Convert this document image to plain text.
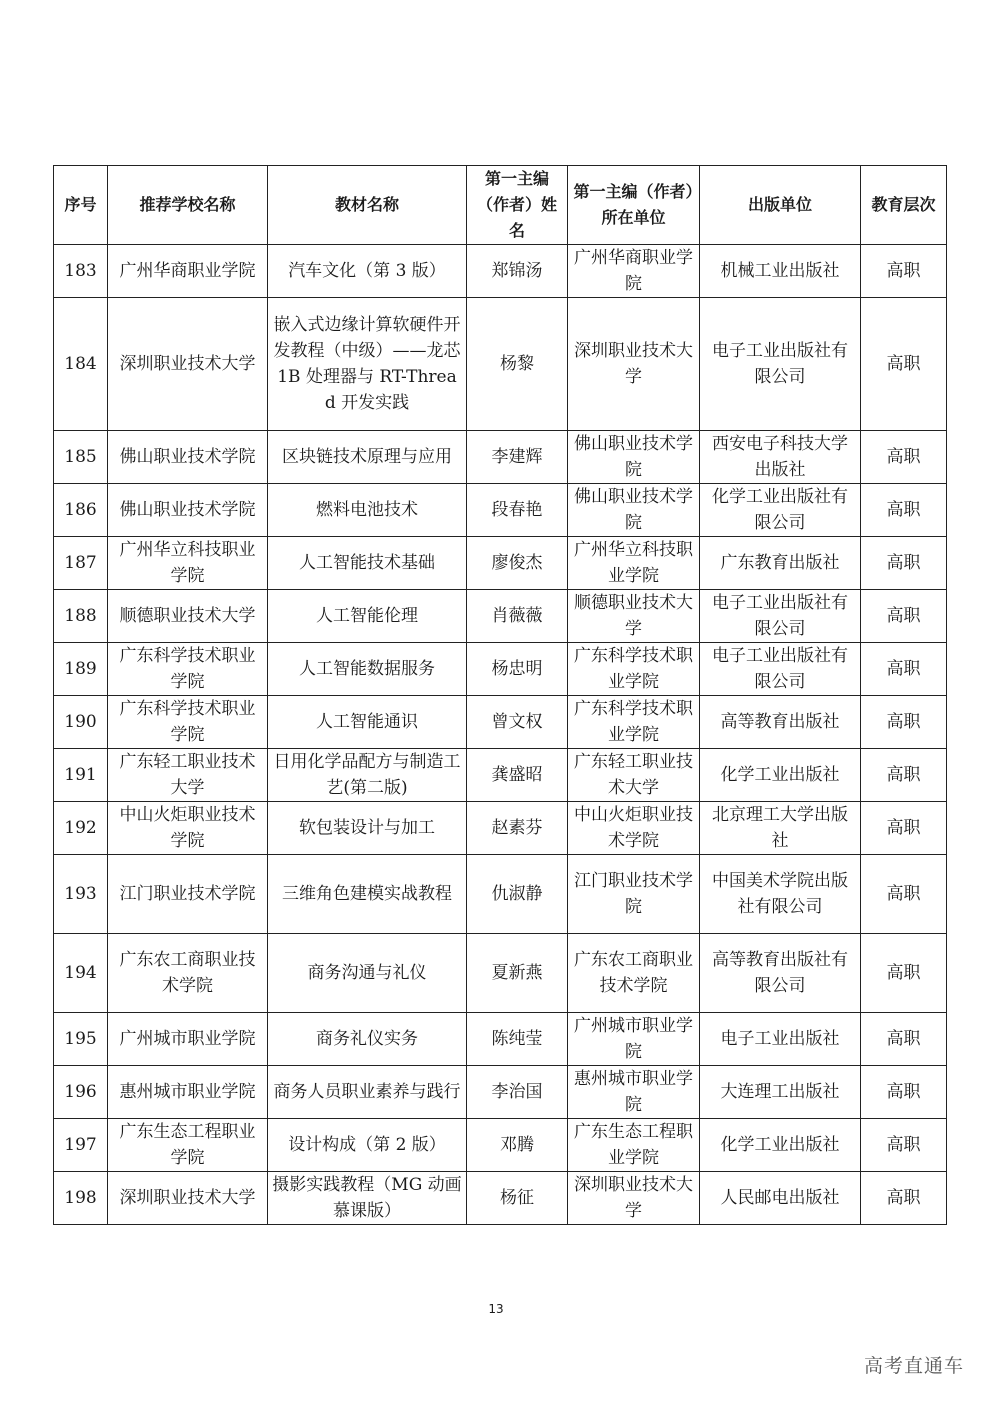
序号	推荐学校名称	教材名称	第一主编（作者）姓名	第一主编（作者）所在单位	出版单位	教育层次
183	广州华商职业学院	汽车文化（第 3 版）	郑锦汤	广州华商职业学院	机械工业出版社	高职
184	深圳职业技术大学	嵌入式边缘计算软硬件开发教程（中级）——龙芯 1B 处理器与 RT-Thread 开发实践	杨黎	深圳职业技术大学	电子工业出版社有限公司	高职
185	佛山职业技术学院	区块链技术原理与应用	李建辉	佛山职业技术学院	西安电子科技大学出版社	高职
186	佛山职业技术学院	燃料电池技术	段春艳	佛山职业技术学院	化学工业出版社有限公司	高职
187	广州华立科技职业学院	人工智能技术基础	廖俊杰	广州华立科技职业学院	广东教育出版社	高职
188	顺德职业技术大学	人工智能伦理	肖薇薇	顺德职业技术大学	电子工业出版社有限公司	高职
189	广东科学技术职业学院	人工智能数据服务	杨忠明	广东科学技术职业学院	电子工业出版社有限公司	高职
190	广东科学技术职业学院	人工智能通识	曾文权	广东科学技术职业学院	高等教育出版社	高职
191	广东轻工职业技术大学	日用化学品配方与制造工艺(第二版)	龚盛昭	广东轻工职业技术大学	化学工业出版社	高职
192	中山火炬职业技术学院	软包装设计与加工	赵素芬	中山火炬职业技术学院	北京理工大学出版社	高职
193	江门职业技术学院	三维角色建模实战教程	仇淑静	江门职业技术学院	中国美术学院出版社有限公司	高职
194	广东农工商职业技术学院	商务沟通与礼仪	夏新燕	广东农工商职业技术学院	高等教育出版社有限公司	高职
195	广州城市职业学院	商务礼仪实务	陈纯莹	广州城市职业学院	电子工业出版社	高职
196	惠州城市职业学院	商务人员职业素养与践行	李治国	惠州城市职业学院	大连理工出版社	高职
197	广东生态工程职业学院	设计构成（第 2 版）	邓腾	广东生态工程职业学院	化学工业出版社	高职
198	深圳职业技术大学	摄影实践教程（MG 动画慕课版）	杨征	深圳职业技术大学	人民邮电出版社	高职
13
高考直通车
